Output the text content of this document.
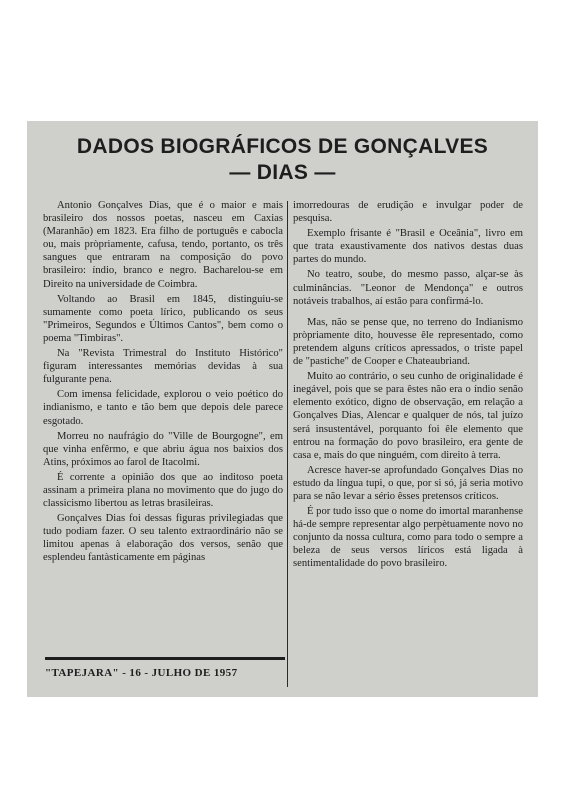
DADOS BIOGRÁFICOS DE GONÇALVES
— DIAS —

Antonio Gonçalves Dias, que é o maior e mais brasileiro dos nossos poetas, nasceu em Caxias (Maranhão) em 1823. Era filho de português e cabocla ou, mais pròpriamente, cafusa, tendo, portanto, os três sangues que entraram na composição do povo brasileiro: índio, branco e negro. Bacharelou-se em Direito na universidade de Coimbra.

Voltando ao Brasil em 1845, distinguiu-se sumamente como poeta lírico, publicando os seus "Primeiros, Segundos e Últimos Cantos", bem como o poema "Timbiras".

Na "Revista Trimestral do Instituto Histórico" figuram interessantes memórias devidas à sua fulgurante pena.

Com imensa felicidade, explorou o veio poético do indianismo, e tanto e tão bem que depois dele parece esgotado.

Morreu no naufrágio do "Ville de Bourgogne", em que vinha enfêrmo, e que abriu água nos baixios dos Atins, próximos ao farol de Itacolmi.

É corrente a opinião dos que ao inditoso poeta assinam a primeira plana no movimento que do jugo do classicismo libertou as letras brasileiras.

Gonçalves Dias foi dessas figuras privilegiadas que tudo podiam fazer. O seu talento extraordinário não se limitou apenas à elaboração dos versos, senão que esplendeu fantàsticamente em páginas

imorredouras de erudição e invulgar poder de pesquisa.

Exemplo frisante é "Brasil e Oceânia", livro em que trata exaustivamente dos nativos destas duas partes do mundo.

No teatro, soube, do mesmo passo, alçar-se às culminâncias. "Leonor de Mendonça" e outros notáveis trabalhos, aí estão para confirmá-lo.

Mas, não se pense que, no terreno do Indianismo pròpriamente dito, houvesse êle representado, como pretendem alguns críticos apressados, o triste papel de "pastiche" de Cooper e Chateaubriand.

Muito ao contrário, o seu cunho de originalidade é inegável, pois que se para êstes não era o índio senão elemento exótico, digno de observação, em relação a Gonçalves Dias, Alencar e qualquer de nós, tal juízo será insustentável, porquanto foi êle elemento que entrou na formação do povo brasileiro, era gente de casa e, mais do que ninguém, com direito à terra.

Acresce haver-se aprofundado Gonçalves Dias no estudo da língua tupi, o que, por si só, já seria motivo para se não levar a sério êsses pretensos críticos.

É por tudo isso que o nome do imortal maranhense há-de sempre representar algo perpètuamente novo no conjunto da nossa cultura, como para todo o sempre a beleza de seus versos líricos está ligada à sentimentalidade do povo brasileiro.

"TAPEJARA" - 16 - JULHO DE 1957
